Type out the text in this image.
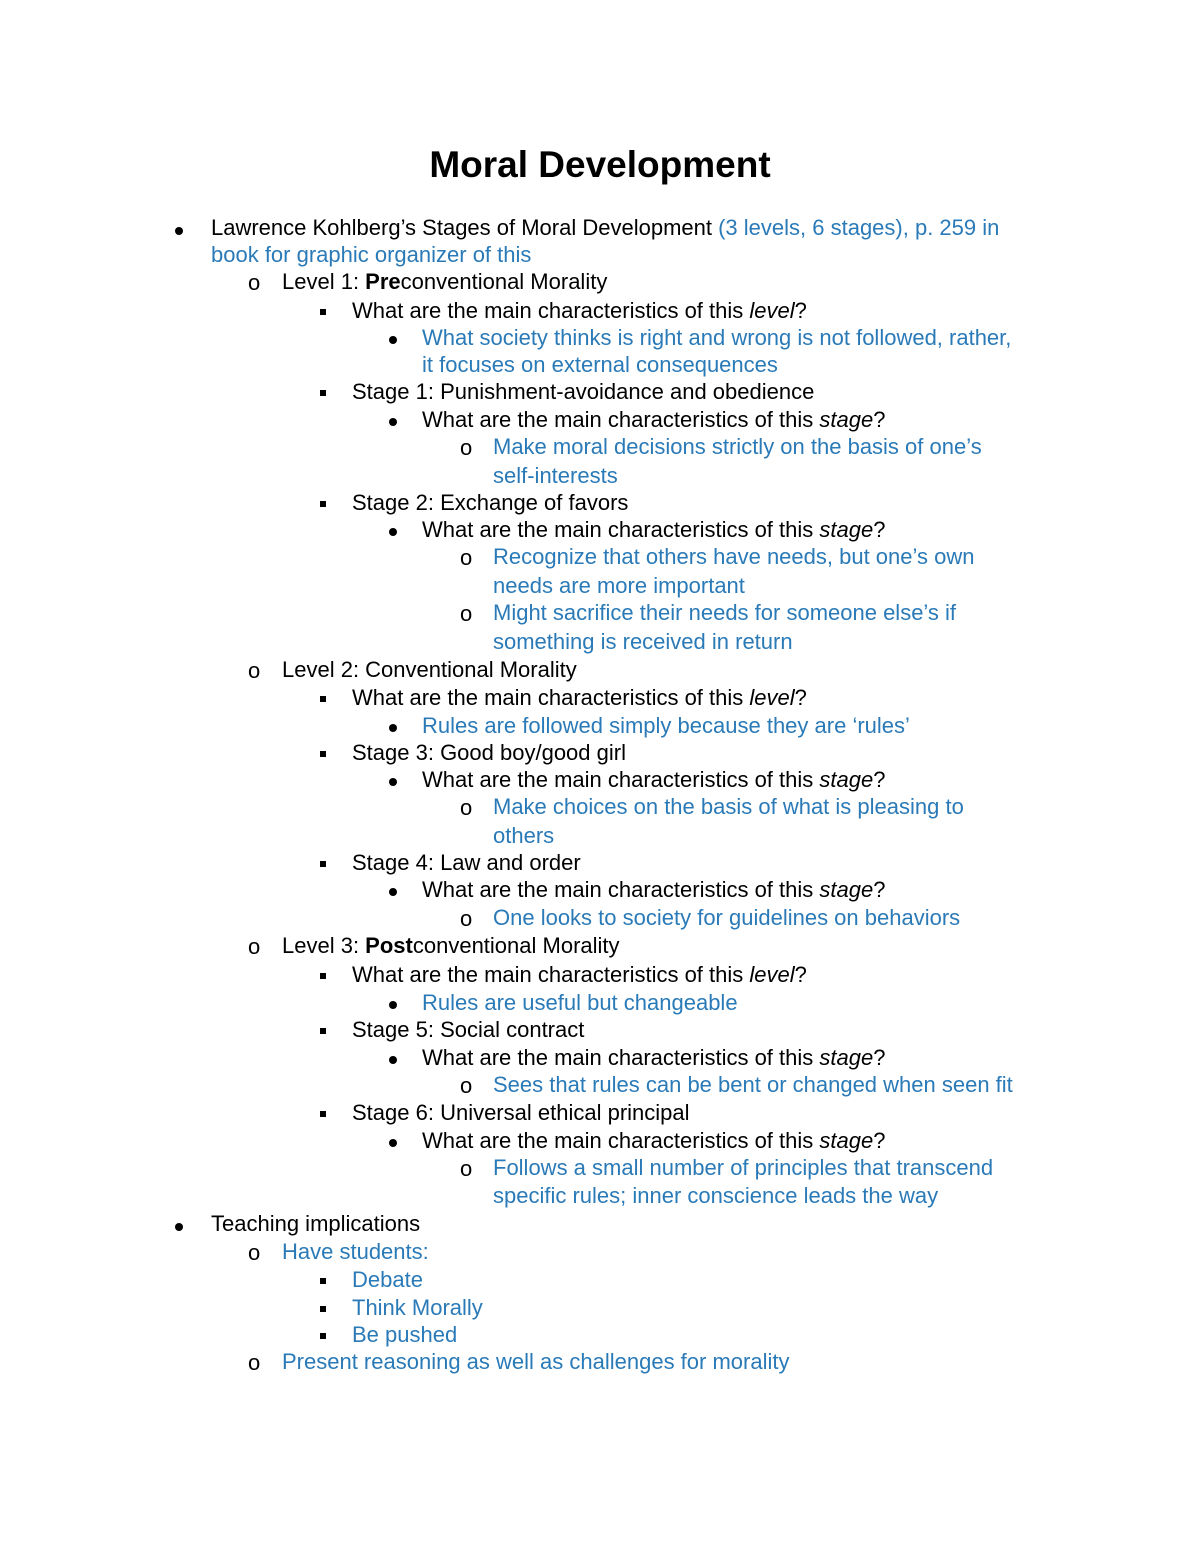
Moral Development
Lawrence Kohlberg’s Stages of Moral Development (3 levels, 6 stages), p. 259 in
book for graphic organizer of this
o Level 1: Preconventional Morality
What are the main characteristics of this level?
What society thinks is right and wrong is not followed, rather,
it focuses on external consequences
Stage 1: Punishment-avoidance and obedience
What are the main characteristics of this stage?
o Make moral decisions strictly on the basis of one’s
self-interests
Stage 2: Exchange of favors
What are the main characteristics of this stage?
o Recognize that others have needs, but one’s own
needs are more important
o Might sacrifice their needs for someone else’s if
something is received in return
o Level 2: Conventional Morality
What are the main characteristics of this level?
Rules are followed simply because they are ‘rules’
Stage 3: Good boy/good girl
What are the main characteristics of this stage?
o Make choices on the basis of what is pleasing to
others
Stage 4: Law and order
What are the main characteristics of this stage?
o One looks to society for guidelines on behaviors
o Level 3: Postconventional Morality
What are the main characteristics of this level?
Rules are useful but changeable
Stage 5: Social contract
What are the main characteristics of this stage?
o Sees that rules can be bent or changed when seen fit
Stage 6: Universal ethical principal
What are the main characteristics of this stage?
o Follows a small number of principles that transcend
specific rules; inner conscience leads the way
Teaching implications
o Have students:
Debate
Think Morally
Be pushed
o Present reasoning as well as challenges for morality
